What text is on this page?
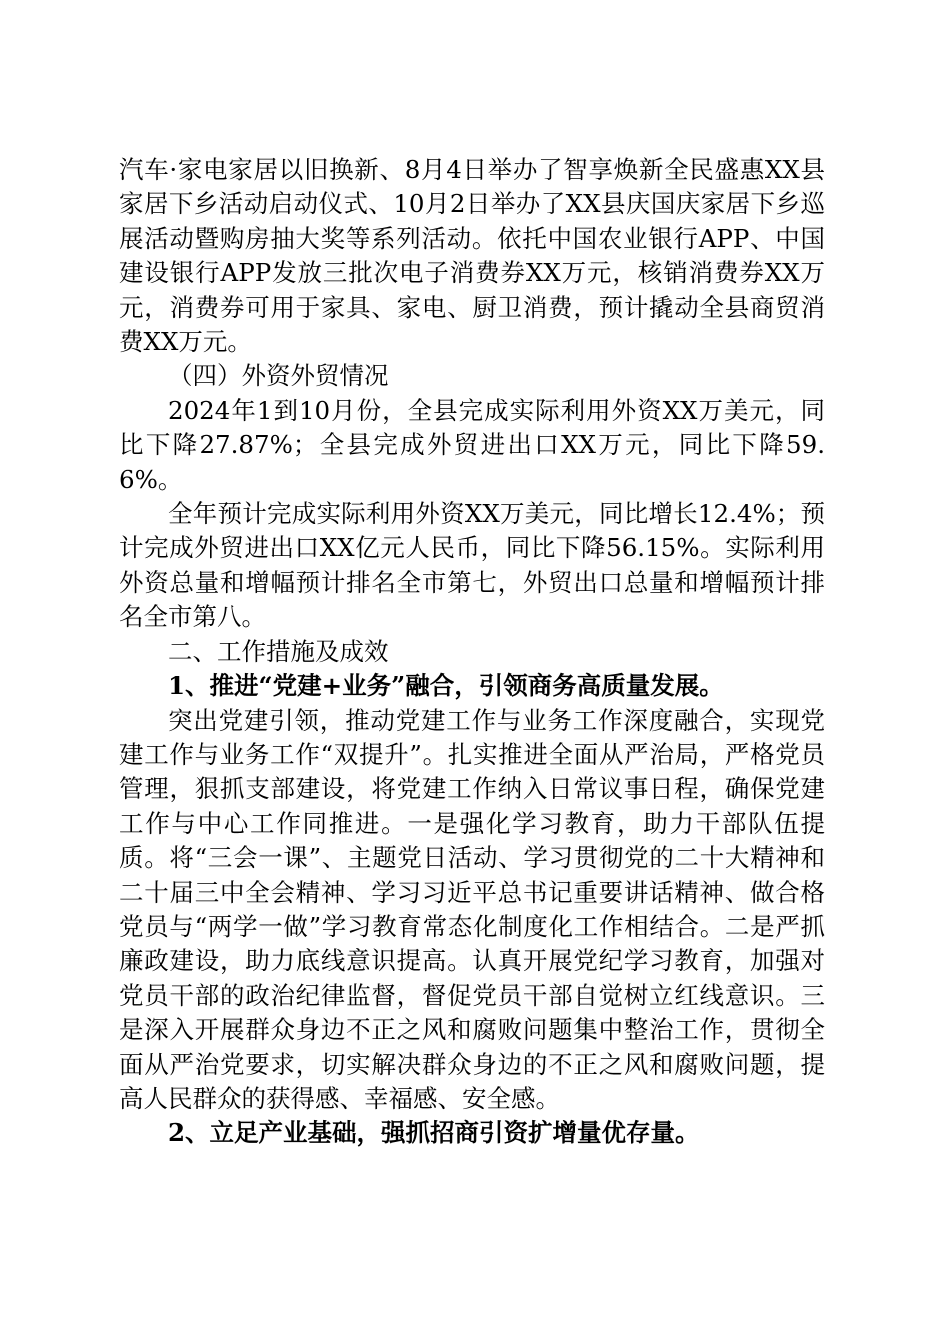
汽车·家电家居以旧换新、8月4日举办了智享焕新全民盛惠XX县家居下乡活动启动仪式、10月2日举办了XX县庆国庆家居下乡巡展活动暨购房抽大奖等系列活动。依托中国农业银行APP、中国建设银行APP发放三批次电子消费券XX万元，核销消费券XX万元，消费券可用于家具、家电、厨卫消费，预计撬动全县商贸消费XX万元。

（四）外资外贸情况

2024年1到10月份，全县完成实际利用外资XX万美元，同比下降27.87%；全县完成外贸进出口XX万元，同比下降59.6%。

全年预计完成实际利用外资XX万美元，同比增长12.4%；预计完成外贸进出口XX亿元人民币，同比下降56.15%。实际利用外资总量和增幅预计排名全市第七，外贸出口总量和增幅预计排名全市第八。

二、工作措施及成效

1、推进“党建+业务”融合，引领商务高质量发展。

突出党建引领，推动党建工作与业务工作深度融合，实现党建工作与业务工作“双提升”。扎实推进全面从严治局，严格党员管理，狠抓支部建设，将党建工作纳入日常议事日程，确保党建工作与中心工作同推进。一是强化学习教育，助力干部队伍提质。将“三会一课”、主题党日活动、学习贯彻党的二十大精神和二十届三中全会精神、学习习近平总书记重要讲话精神、做合格党员与“两学一做”学习教育常态化制度化工作相结合。二是严抓廉政建设，助力底线意识提高。认真开展党纪学习教育，加强对党员干部的政治纪律监督，督促党员干部自觉树立红线意识。三是深入开展群众身边不正之风和腐败问题集中整治工作，贯彻全面从严治党要求，切实解决群众身边的不正之风和腐败问题，提高人民群众的获得感、幸福感、安全感。

2、立足产业基础，强抓招商引资扩增量优存量。
